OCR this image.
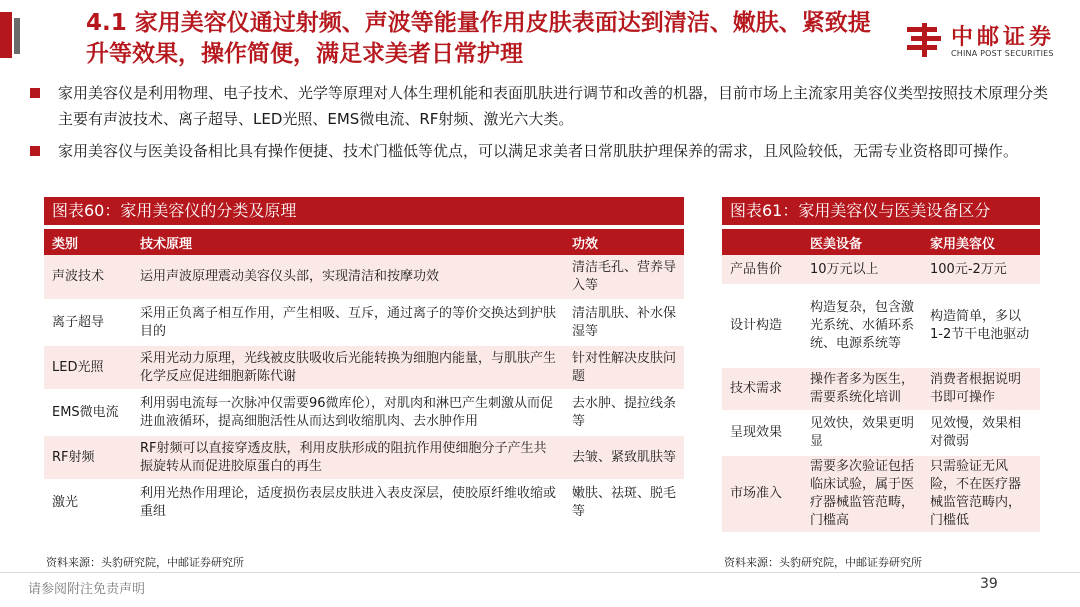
4.1 家用美容仪通过射频、声波等能量作用皮肤表面达到清洁、嫩肤、紧致提升等效果，操作简便，满足求美者日常护理
中邮证券
CHINA POST SECURITIES
家用美容仪是利用物理、电子技术、光学等原理对人体生理机能和表面肌肤进行调节和改善的机器，目前市场上主流家用美容仪类型按照技术原理分类主要有声波技术、离子超导、LED光照、EMS微电流、RF射频、激光六大类。
家用美容仪与医美设备相比具有操作便捷、技术门槛低等优点，可以满足求美者日常肌肤护理保养的需求，且风险较低，无需专业资格即可操作。
图表60：家用美容仪的分类及原理
类别	技术原理	功效
声波技术	运用声波原理震动美容仪头部，实现清洁和按摩功效	清洁毛孔、营养导入等
离子超导	采用正负离子相互作用，产生相吸、互斥，通过离子的等价交换达到护肤目的	清洁肌肤、补水保湿等
LED光照	采用光动力原理，光线被皮肤吸收后光能转换为细胞内能量，与肌肤产生化学反应促进细胞新陈代谢	针对性解决皮肤问题
EMS微电流	利用弱电流每一次脉冲仅需要96微库伦），对肌肉和淋巴产生刺激从而促进血液循环，提高细胞活性从而达到收缩肌肉、去水肿作用	去水肿、提拉线条等
RF射频	RF射频可以直接穿透皮肤，利用皮肤形成的阻抗作用使细胞分子产生共振旋转从而促进胶原蛋白的再生	去皱、紧致肌肤等
激光	利用光热作用理论，适度损伤表层皮肤进入表皮深层，使胶原纤维收缩或重组	嫩肤、祛斑、脱毛等
资料来源：头豹研究院，中邮证券研究所
图表61：家用美容仪与医美设备区分
	医美设备	家用美容仪
产品售价	10万元以上	100元-2万元
设计构造	构造复杂，包含激光系统、水循环系统、电源系统等	构造简单，多以1-2节干电池驱动
技术需求	操作者多为医生，需要系统化培训	消费者根据说明书即可操作
呈现效果	见效快，效果更明显	见效慢，效果相对微弱
市场准入	需要多次验证包括临床试验，属于医疗器械监管范畴，门槛高	只需验证无风险，不在医疗器械监管范畴内，门槛低
资料来源：头豹研究院，中邮证券研究所
请参阅附注免责声明	39
